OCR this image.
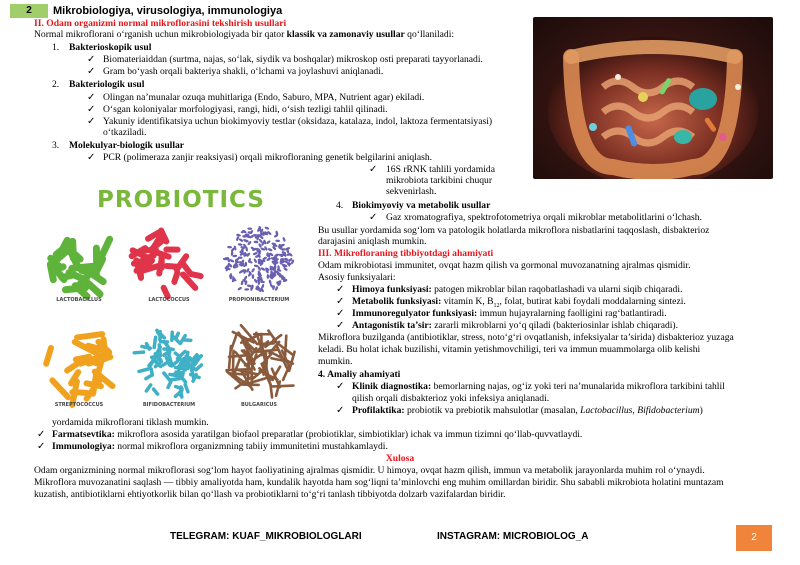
2	Mikrobiologiya, virusologiya, immunologiya
II. Odam organizmi normal mikroflorasini tekshirish usullari
Normal mikroflorani o‘rganish uchun mikrobiologiyada bir qator klassik va zamonaviy usullar qo‘llaniladi:
1. Bakterioskopik usul
✓ Biomateriaiddan (surtma, najas, so‘lak, siydik va boshqalar) mikroskop osti preparati tayyorlanadi.
✓ Gram bo‘yash orqali bakteriya shakli, o‘lchami va joylashuvi aniqlanadi.
2. Bakteriologik usul
✓ Olingan na’munalar ozuqa muhitlariga (Endo, Saburo, MPA, Nutrient agar) ekiladi.
✓ O‘sgan koloniyalar morfologiyasi, rangi, hidi, o‘sish tezligi tahlil qilinadi.
✓ Yakuniy identifikatsiya uchun biokimyoviy testlar (oksidaza, katalaza, indol, laktoza fermentatsiyasi)
o‘tkaziladi.
3. Molekulyar-biologik usullar
✓ PCR (polimeraza zanjir reaksiyasi) orqali mikrofloraning genetik belgilarini aniqlash.
✓ 16S rRNK tahlili yordamida
mikrobiota tarkibini chuqur
sekvenirlash.
4. Biokimyoviy va metabolik usullar
✓ Gaz xromatografiya, spektrofotometriya orqali mikroblar metabolitlarini o‘lchash.
Bu usullar yordamida sog‘lom va patologik holatlarda mikroflora nisbatlarini taqqoslash, disbakterioz
darajasini aniqlash mumkin.
III. Mikrofloraning tibbiyotdagi ahamiyati
Odam mikrobiotasi immunitet, ovqat hazm qilish va gormonal muvozanatning ajralmas qismidir.
Asosiy funksiyalari:
✓ Himoya funksiyasi: patogen mikroblar bilan raqobatlashadi va ularni siqib chiqaradi.
✓ Metabolik funksiyasi: vitamin K, $B_{12}$, folat, butirat kabi foydali moddalarning sintezi.
✓ Immunoregulyator funksiyasi: immun hujayralarning faolligini rag‘batlantiradi.
✓ Antagonistik ta’sir: zararli mikroblarni yo‘q qiladi (bakteriosinlar ishlab chiqaradi).
Mikroflora buzilganda (antibiotiklar, stress, noto‘g‘ri ovqatlanish, infeksiyalar ta’sirida) disbakterioz yuzaga
keladi. Bu holat ichak buzilishi, vitamin yetishmovchiligi, teri va immun muammolarga olib kelishi
mumkin.
4. Amaliy ahamiyati
✓ Klinik diagnostika: bemorlarning najas, og‘iz yoki teri na’munalarida mikroflora tarkibini tahlil
qilish orqali disbakterioz yoki infeksiya aniqlanadi.
✓ Profilaktika: probiotik va prebiotik mahsulotlar (masalan, Lactobacillus, Bifidobacterium)
yordamida mikroflorani tiklash mumkin.
✓ Farmatsevtika: mikroflora asosida yaratilgan biofaol preparatlar (probiotiklar, simbiotiklar) ichak va immun tizimni qo‘llab-quvvatlaydi.
✓ Immunologiya: normal mikroflora organizmning tabiiy immunitetini mustahkamlaydi.
Xulosa
Odam organizmining normal mikroflorasi sog‘lom hayot faoliyatining ajralmas qismidir. U himoya, ovqat hazm qilish, immun va metabolik jarayonlarda muhim rol o‘ynaydi.
Mikroflora muvozanatini saqlash — tibbiy amaliyotda ham, kundalik hayotda ham sog‘liqni ta’minlovchi eng muhim omillardan biridir. Shu sababli mikrobiota holatini muntazam
kuzatish, antibiotiklarni ehtiyotkorlik bilan qo‘llash va probiotiklarni to‘g‘ri tanlash tibbiyotda dolzarb vazifalardan biridir.
PROBIOTICS
LACTOBACILLUS	LACTOCOCCUS	PROPIONIBACTERIUM
STREPTOCOCCUS	BIFIDOBACTERIUM	BULGARICUS
TELEGRAM: KUAF_MIKROBIOLOGLARI	INSTAGRAM: MICROBIOLOG_A	2
